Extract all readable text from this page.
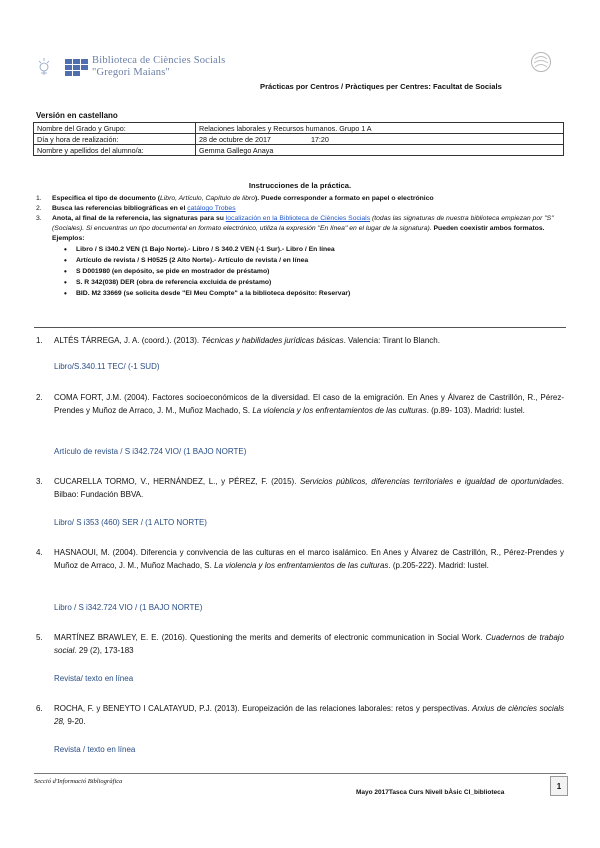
Biblioteca de Ciències Socials
"Gregori Maians"
Prácticas por Centros / Pràctiques per Centres: Facultat de Socials
Versión en castellano
Nombre del Grado y Grupo:	Relaciones laborales y Recursos humanos. Grupo 1 A
Día y hora de realización:	28 de octubre de 2017 17:20
Nombre y apellidos del alumno/a:	Gemma Gallego Anaya
Instrucciones de la práctica.
1.	Especifica el tipo de documento (Libro, Artículo, Capítulo de libro). Puede corresponder a formato en papel o electrónico
2.	Busca las referencias bibliográficas en el catálogo Trobes
3.	Anota, al final de la referencia, las signaturas para su localización en la Biblioteca de Ciències Socials (todas las signaturas de nuestra biblioteca empiezan por "S"(Sociales). Si encuentras un tipo documental en formato electrónico, utiliza la expresión "En línea" en el lugar de la signatura). Pueden coexistir ambos formatos. Ejemplos:
•	Libro / S i340.2 VEN (1 Bajo Norte).- Libro / S 340.2 VEN (-1 Sur).- Libro / En línea
•	Artículo de revista / S H0525 (2 Alto Norte).- Artículo de revista / en línea
•	S D001980 (en depósito, se pide en mostrador de préstamo)
•	S. R 342(038) DER (obra de referencia excluida de préstamo)
•	BID. M2 33669 (se solicita desde "El Meu Compte" a la biblioteca depósito: Reservar)
1.	ALTÉS TÁRREGA, J. A. (coord.). (2013). Técnicas y habilidades jurídicas básicas. Valencia: Tirant lo Blanch.
Libro/S.340.11 TEC/ (-1 SUD)
2.	COMA FORT, J.M. (2004). Factores socioeconómicos de la diversidad. El caso de la emigración. En Anes y Álvarez de Castrillón, R., Pérez-Prendes y Muñoz de Arraco, J. M., Muñoz Machado, S. La violencia y los enfrentamientos de las culturas. (p.89- 103). Madrid: Iustel.
Artículo de revista / S i342.724 VIO/ (1 BAJO NORTE)
3.	CUCARELLA TORMO, V., HERNÁNDEZ, L., y PÉREZ, F. (2015). Servicios públicos, diferencias territoriales e igualdad de oportunidades. Bilbao: Fundación BBVA.
Libro/ S i353 (460) SER / (1 ALTO NORTE)
4.	HASNAOUI, M. (2004). Diferencia y convivencia de las culturas en el marco isalámico. En Anes y Álvarez de Castrillón, R., Pérez-Prendes y Muñoz de Arraco, J. M., Muñoz Machado, S. La violencia y los enfrentamientos de las culturas. (p.205-222). Madrid: Iustel.
Libro / S i342.724 VIO / (1 BAJO NORTE)
5.	MARTÍNEZ BRAWLEY, E. E. (2016). Questioning the merits and demerits of electronic communication in Social Work. Cuadernos de trabajo social. 29 (2), 173-183
Revista/ texto en línea
6.	ROCHA, F. y BENEYTO I CALATAYUD, P.J. (2013). Europeización de las relaciones laborales: retos y perspectivas. Arxius de ciències socials 28, 9-20.
Revista / texto en línea
Secció d'Informació Bibliogràfica
Mayo 2017Tasca Curs Nivell bÀsic CI_biblioteca
1
